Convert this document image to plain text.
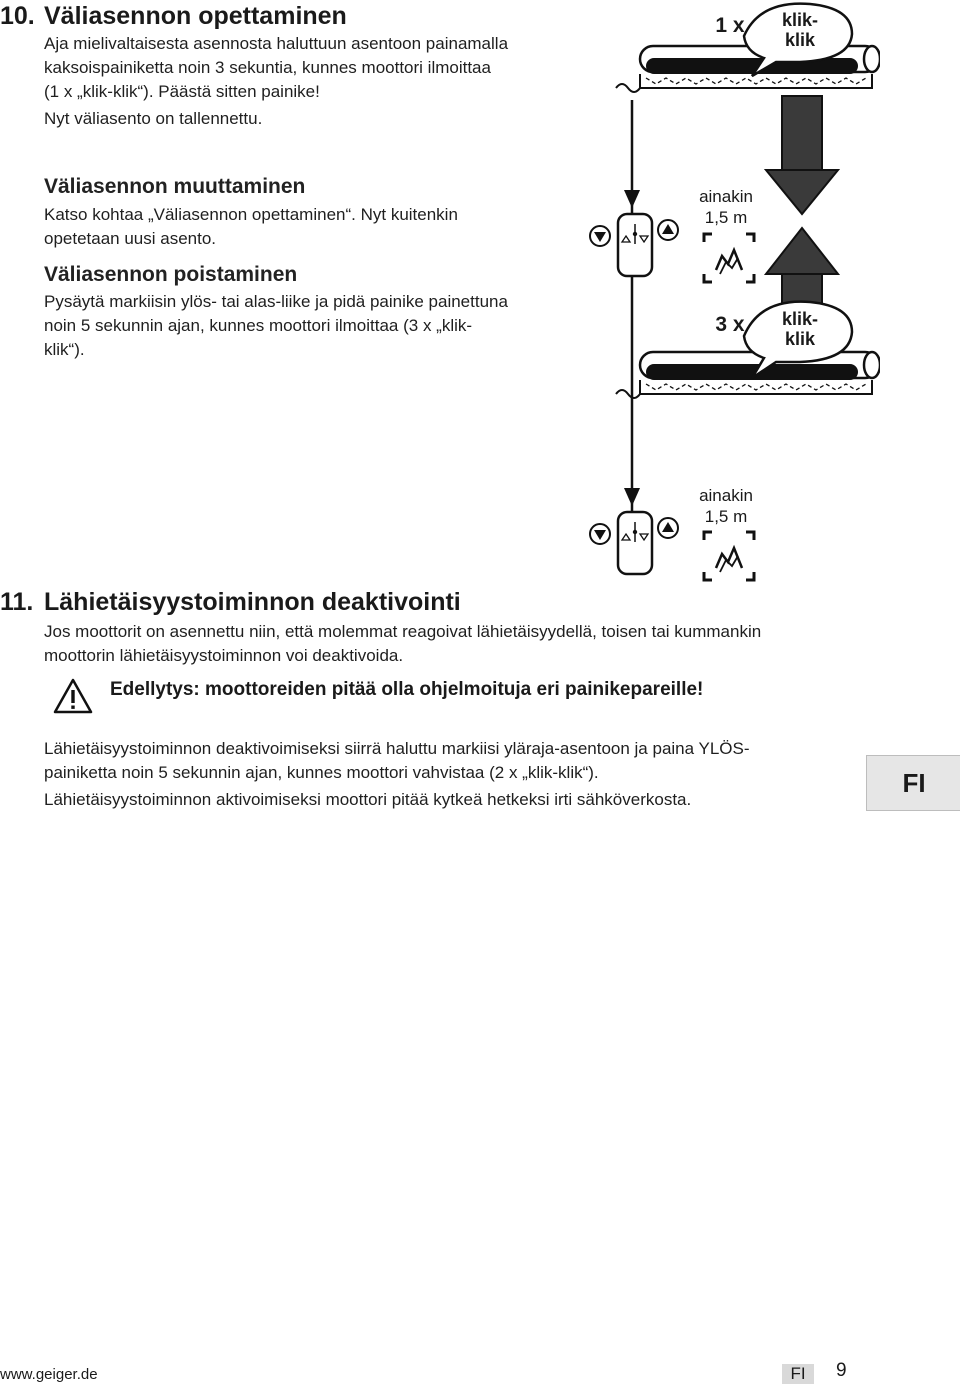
10. Väliasennon opettaminen
Aja mielivaltaisesta asennosta haluttuun asentoon painamalla
kaksoispainiketta noin 3 sekuntia, kunnes moottori ilmoittaa
(1 x „klik-klik“). Päästä sitten painike!
Nyt väliasento on tallennettu.
Väliasennon muuttaminen
Katso kohtaa „Väliasennon opettaminen“. Nyt kuitenkin
opetetaan uusi asento.
Väliasennon poistaminen
Pysäytä markiisin ylös- tai alas-liike ja pidä painike painettuna
noin 5 sekunnin ajan, kunnes moottori ilmoittaa (3 x „klik-
klik“).
1 x	klik-
klik
ainakin
1,5 m
3 x	klik-
klik
ainakin
1,5 m
11. Lähietäisyystoiminnon deaktivointi
Jos moottorit on asennettu niin, että molemmat reagoivat lähietäisyydellä, toisen tai kummankin
moottorin lähietäisyystoiminnon voi deaktivoida.
Edellytys: moottoreiden pitää olla ohjelmoituja eri painikepareille!
Lähietäisyystoiminnon deaktivoimiseksi siirrä haluttu markiisi yläraja-asentoon ja paina YLÖS-
painiketta noin 5 sekunnin ajan, kunnes moottori vahvistaa (2 x „klik-klik“).
Lähietäisyystoiminnon aktivoimiseksi moottori pitää kytkeä hetkeksi irti sähköverkosta.
FI
www.geiger.de	FI	9
